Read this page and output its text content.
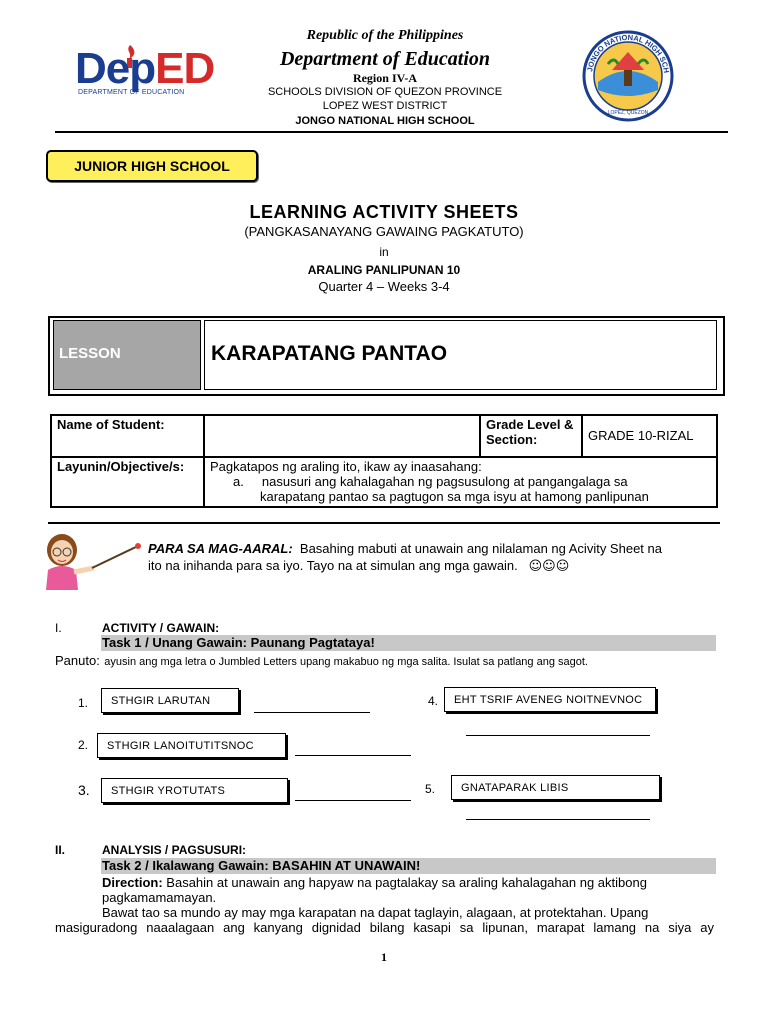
DepED
DEPARTMENT OF EDUCATION
Republic of the Philippines
Department of Education
Region IV-A
SCHOOLS DIVISION OF QUEZON PROVINCE
LOPEZ WEST DISTRICT
JONGO NATIONAL HIGH SCHOOL
JONGO NATIONAL HIGH SCH
LOPEZ, QUEZON
JUNIOR HIGH SCHOOL
LEARNING ACTIVITY SHEETS
(PANGKASANAYANG GAWAING PAGKATUTO)
in
ARALING PANLIPUNAN 10
Quarter 4 – Weeks 3-4
LESSON	KARAPATANG PANTAO
Name of Student:		Grade Level & Section:	GRADE 10-RIZAL
Layunin/Objective/s:	Pagkatapos ng araling ito, ikaw ay inaasahang:
a. nasusuri ang kahalagahan ng pagsusulong at pangangalaga sa
karapatang pantao sa pagtugon sa mga isyu at hamong panlipunan		
PARA SA MAG-AARAL: Basahing mabuti at unawain ang nilalaman ng Acivity Sheet na
ito na inihanda para sa iyo. Tayo na at simulan ang mga gawain. ☺☺☺
I.	ACTIVITY / GAWAIN:
Task 1 / Unang Gawain: Paunang Pagtataya!
Panuto: ayusin ang mga letra o Jumbled Letters upang makabuo ng mga salita. Isulat sa patlang ang sagot.
1.	STHGIR LARUTAN
2.	STHGIR LANOITUTITSNOC
3.	STHGIR YROTUTATS
4.	EHT TSRIF AVENEG NOITNEVNOC
5.	GNATAPARAK LIBIS
II.	ANALYSIS / PAGSUSURI:
Task 2 / Ikalawang Gawain: BASAHIN AT UNAWAIN!
Direction: Basahin at unawain ang hapyaw na pagtalakay sa araling kahalagahan ng aktibong
pagkamamamayan.
Bawat tao sa mundo ay may mga karapatan na dapat taglayin, alagaan, at protektahan. Upang
masiguradong naaalagaan ang kanyang dignidad bilang kasapi sa lipunan, marapat lamang na siya ay
1
